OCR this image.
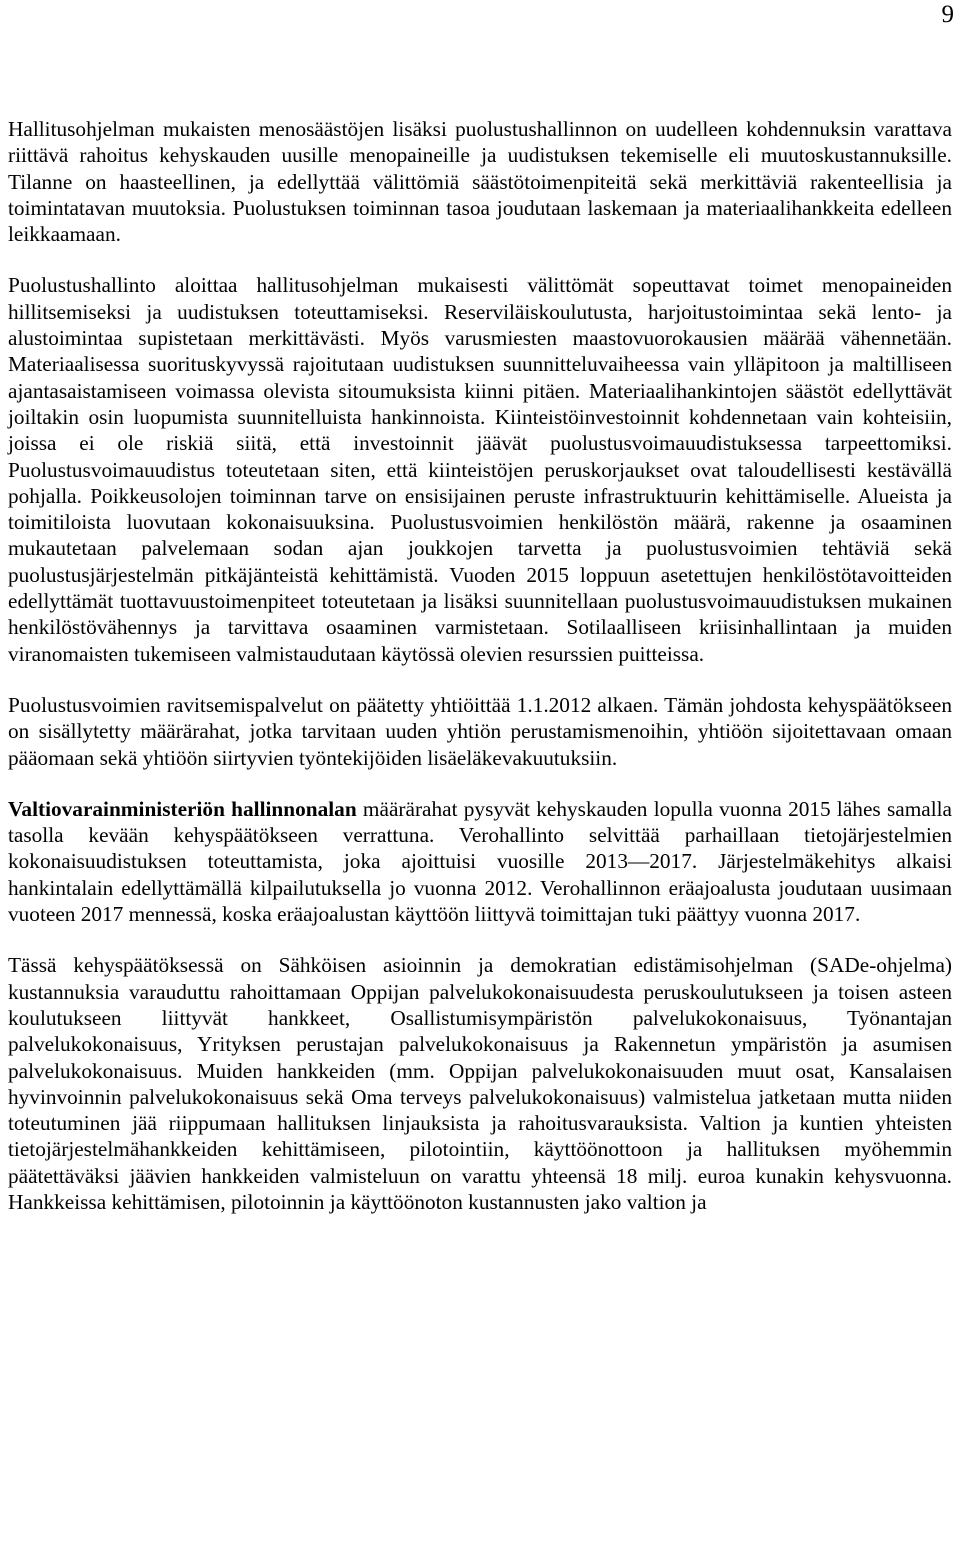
9

Hallitusohjelman mukaisten menosäästöjen lisäksi puolustushallinnon on uudelleen kohdennuksin varattava riittävä rahoitus kehyskauden uusille menopaineille ja uudistuksen tekemiselle eli muutoskustannuksille. Tilanne on haasteellinen, ja edellyttää välittömiä säästötoimenpiteitä sekä merkittäviä rakenteellisia ja toimintatavan muutoksia. Puolustuksen toiminnan tasoa joudutaan laskemaan ja materiaalihankkeita edelleen leikkaamaan.

Puolustushallinto aloittaa hallitusohjelman mukaisesti välittömät sopeuttavat toimet menopaineiden hillitsemiseksi ja uudistuksen toteuttamiseksi. Reserviläiskoulutusta, harjoitustoimintaa sekä lento- ja alustoimintaa supistetaan merkittävästi. Myös varusmiesten maastovuorokausien määrää vähennetään. Materiaalisessa suorituskyvyssä rajoitutaan uudistuksen suunnitteluvaiheessa vain ylläpitoon ja maltilliseen ajantasaistamiseen voimassa olevista sitoumuksista kiinni pitäen. Materiaalihankintojen säästöt edellyttävät joiltakin osin luopumista suunnitelluista hankinnoista. Kiinteistöinvestoinnit kohdennetaan vain kohteisiin, joissa ei ole riskiä siitä, että investoinnit jäävät puolustusvoimauudistuksessa tarpeettomiksi. Puolustusvoimauudistus toteutetaan siten, että kiinteistöjen peruskorjaukset ovat taloudellisesti kestävällä pohjalla. Poikkeusolojen toiminnan tarve on ensisijainen peruste infrastruktuurin kehittämiselle. Alueista ja toimitiloista luovutaan kokonaisuuksina. Puolustusvoimien henkilöstön määrä, rakenne ja osaaminen mukautetaan palvelemaan sodan ajan joukkojen tarvetta ja puolustusvoimien tehtäviä sekä puolustusjärjestelmän pitkäjänteistä kehittämistä. Vuoden 2015 loppuun asetettujen henkilöstötavoitteiden edellyttämät tuottavuustoimenpiteet toteutetaan ja lisäksi suunnitellaan puolustusvoimauudistuksen mukainen henkilöstövähennys ja tarvittava osaaminen varmistetaan. Sotilaalliseen kriisinhallintaan ja muiden viranomaisten tukemiseen valmistaudutaan käytössä olevien resurssien puitteissa.

Puolustusvoimien ravitsemispalvelut on päätetty yhtiöittää 1.1.2012 alkaen. Tämän johdosta kehyspäätökseen on sisällytetty määrärahat, jotka tarvitaan uuden yhtiön perustamismenoihin, yhtiöön sijoitettavaan omaan pääomaan sekä yhtiöön siirtyvien työntekijöiden lisäeläkevakuutuksiin.

Valtiovarainministeriön hallinnonalan määrärahat pysyvät kehyskauden lopulla vuonna 2015 lähes samalla tasolla kevään kehyspäätökseen verrattuna. Verohallinto selvittää parhaillaan tietojärjestelmien kokonaisuudistuksen toteuttamista, joka ajoittuisi vuosille 2013—2017. Järjestelmäkehitys alkaisi hankintalain edellyttämällä kilpailutuksella jo vuonna 2012. Verohallinnon eräajoalusta joudutaan uusimaan vuoteen 2017 mennessä, koska eräajoalustan käyttöön liittyvä toimittajan tuki päättyy vuonna 2017.

Tässä kehyspäätöksessä on Sähköisen asioinnin ja demokratian edistämisohjelman (SADe-ohjelma) kustannuksia varauduttu rahoittamaan Oppijan palvelukokonaisuudesta peruskoulutukseen ja toisen asteen koulutukseen liittyvät hankkeet, Osallistumisympäristön palvelukokonaisuus, Työnantajan palvelukokonaisuus, Yrityksen perustajan palvelukokonaisuus ja Rakennetun ympäristön ja asumisen palvelukokonaisuus. Muiden hankkeiden (mm. Oppijan palvelukokonaisuuden muut osat, Kansalaisen hyvinvoinnin palvelukokonaisuus sekä Oma terveys palvelukokonaisuus) valmistelua jatketaan mutta niiden toteutuminen jää riippumaan hallituksen linjauksista ja rahoitusvarauksista. Valtion ja kuntien yhteisten tietojärjestelmähankkeiden kehittämiseen, pilotointiin, käyttöönottoon ja hallituksen myöhemmin päätettäväksi jäävien hankkeiden valmisteluun on varattu yhteensä 18 milj. euroa kunakin kehysvuonna. Hankkeissa kehittämisen, pilotoinnin ja käyttöönoton kustannusten jako valtion ja
